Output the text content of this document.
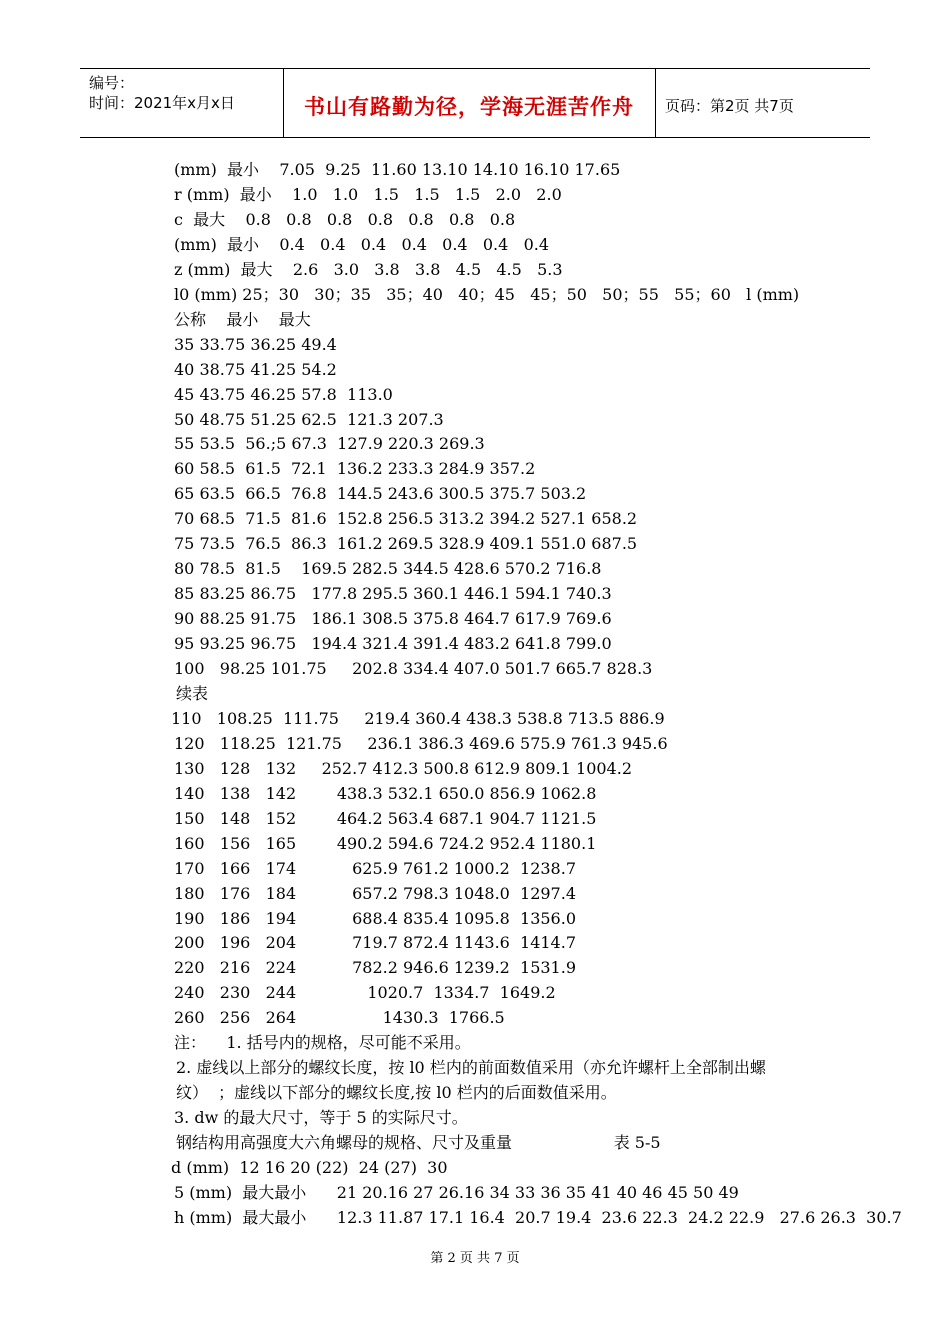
编号：
时间：2021年x月x日	书山有路勤为径，学海无涯苦作舟	页码：第2页 共7页
(mm)  最小    7.05  9.25  11.60 13.10 14.10 16.10 17.65
r (mm)  最小    1.0   1.0   1.5   1.5   1.5   2.0   2.0
c  最大    0.8   0.8   0.8   0.8   0.8   0.8   0.8
(mm)  最小    0.4   0.4   0.4   0.4   0.4   0.4   0.4
z (mm)  最大    2.6   3.0   3.8   3.8   4.5   4.5   5.3
l0 (mm) 25；30   30；35   35；40   40；45   45；50   50；55   55；60   l (mm)
公称    最小    最大
35 33.75 36.25 49.4
40 38.75 41.25 54.2
45 43.75 46.25 57.8  113.0
50 48.75 51.25 62.5  121.3 207.3
55 53.5  56.;5 67.3  127.9 220.3 269.3
60 58.5  61.5  72.1  136.2 233.3 284.9 357.2
65 63.5  66.5  76.8  144.5 243.6 300.5 375.7 503.2
70 68.5  71.5  81.6  152.8 256.5 313.2 394.2 527.1 658.2
75 73.5  76.5  86.3  161.2 269.5 328.9 409.1 551.0 687.5
80 78.5  81.5    169.5 282.5 344.5 428.6 570.2 716.8
85 83.25 86.75   177.8 295.5 360.1 446.1 594.1 740.3
90 88.25 91.75   186.1 308.5 375.8 464.7 617.9 769.6
95 93.25 96.75   194.4 321.4 391.4 483.2 641.8 799.0
100   98.25 101.75     202.8 334.4 407.0 501.7 665.7 828.3
续表
110   108.25  111.75     219.4 360.4 438.3 538.8 713.5 886.9
120   118.25  121.75     236.1 386.3 469.6 575.9 761.3 945.6
130   128   132     252.7 412.3 500.8 612.9 809.1 1004.2
140   138   142        438.3 532.1 650.0 856.9 1062.8
150   148   152        464.2 563.4 687.1 904.7 1121.5
160   156   165        490.2 594.6 724.2 952.4 1180.1
170   166   174           625.9 761.2 1000.2  1238.7
180   176   184           657.2 798.3 1048.0  1297.4
190   186   194           688.4 835.4 1095.8  1356.0
200   196   204           719.7 872.4 1143.6  1414.7
220   216   224           782.2 946.6 1239.2  1531.9
240   230   244              1020.7  1334.7  1649.2
260   256   264                 1430.3  1766.5
注：    1. 括号内的规格，尽可能不采用。
2. 虚线以上部分的螺纹长度，按 l0 栏内的前面数值采用（亦允许螺杆上全部制出螺
纹）  ；虚线以下部分的螺纹长度,按 l0 栏内的后面数值采用。
3. dw 的最大尺寸，等于 5 的实际尺寸。
钢结构用高强度大六角螺母的规格、尺寸及重量                    表 5-5
d (mm)  12 16 20 (22)  24 (27)  30
5 (mm)  最大最小      21 20.16 27 26.16 34 33 36 35 41 40 46 45 50 49
h (mm)  最大最小      12.3 11.87 17.1 16.4  20.7 19.4  23.6 22.3  24.2 22.9   27.6 26.3  30.7
第 2 页 共 7 页
